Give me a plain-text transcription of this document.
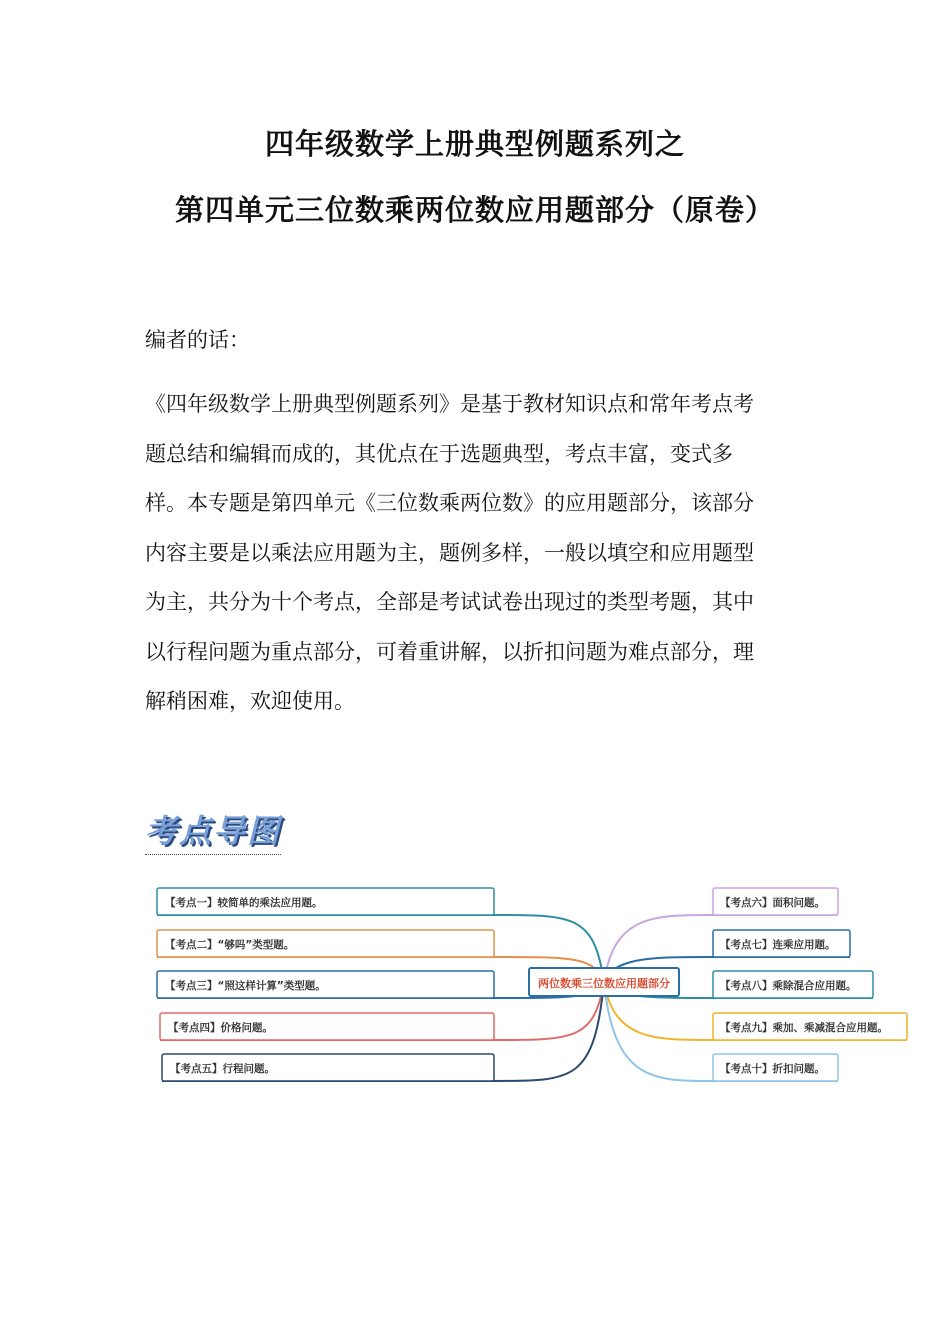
四年级数学上册典型例题系列之
第四单元三位数乘两位数应用题部分（原卷）
编者的话：
《四年级数学上册典型例题系列》是基于教材知识点和常年考点考
题总结和编辑而成的，其优点在于选题典型，考点丰富，变式多
样。本专题是第四单元《三位数乘两位数》的应用题部分，该部分
内容主要是以乘法应用题为主，题例多样，一般以填空和应用题型
为主，共分为十个考点，全部是考试试卷出现过的类型考题，其中
以行程问题为重点部分，可着重讲解，以折扣问题为难点部分，理
解稍困难，欢迎使用。
考点导图
【考点一】较简单的乘法应用题。
【考点二】“够吗”类型题。
【考点三】“照这样计算”类型题。
【考点四】价格问题。
【考点五】行程问题。
【考点六】面积问题。
【考点七】连乘应用题。
【考点八】乘除混合应用题。
【考点九】乘加、乘减混合应用题。
【考点十】折扣问题。
两位数乘三位数应用题部分
